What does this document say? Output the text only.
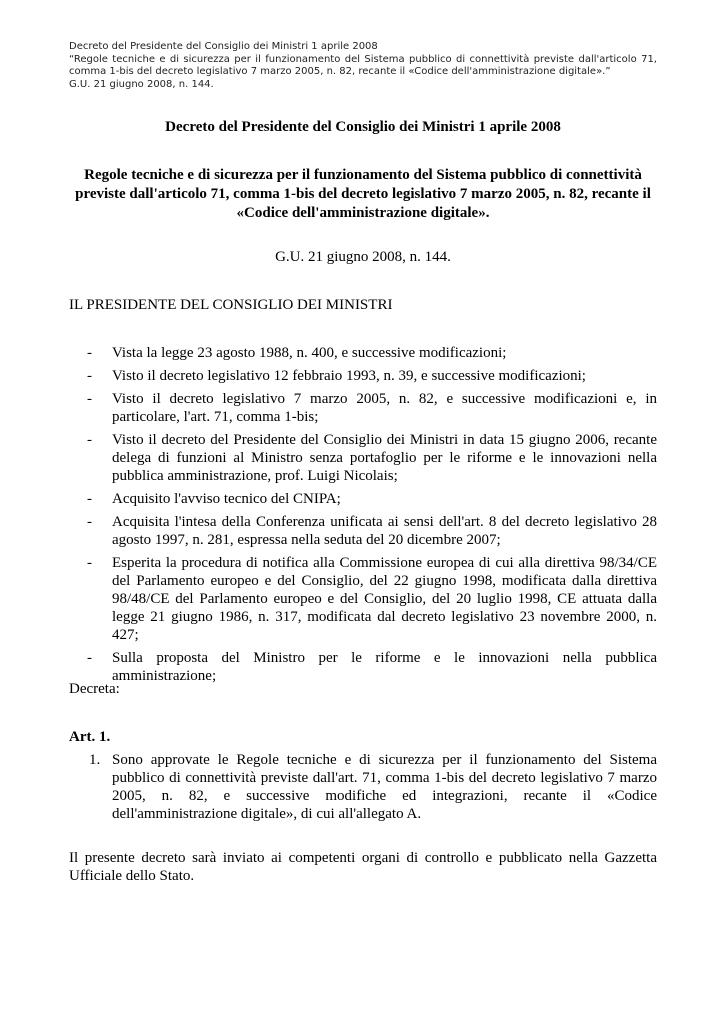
Decreto del Presidente del Consiglio dei Ministri 1 aprile 2008

“Regole tecniche e di sicurezza per il funzionamento del Sistema pubblico di connettività previste dall'articolo 71, comma 1-bis del decreto legislativo 7 marzo 2005, n. 82, recante il «Codice dell'amministrazione digitale».”

G.U. 21 giugno 2008, n. 144.

Decreto del Presidente del Consiglio dei Ministri 1 aprile 2008
Regole tecniche e di sicurezza per il funzionamento del Sistema pubblico di connettività previste dall'articolo 71, comma 1-bis del decreto legislativo 7 marzo 2005, n. 82, recante il «Codice dell'amministrazione digitale».

G.U. 21 giugno 2008, n. 144.

IL PRESIDENTE DEL CONSIGLIO DEI MINISTRI

- Vista la legge 23 agosto 1988, n. 400, e successive modificazioni;
- Visto il decreto legislativo 12 febbraio 1993, n. 39, e successive modificazioni;
- Visto il decreto legislativo 7 marzo 2005, n. 82, e successive modificazioni e, in particolare, l'art. 71, comma 1-bis;
- Visto il decreto del Presidente del Consiglio dei Ministri in data 15 giugno 2006, recante delega di funzioni al Ministro senza portafoglio per le riforme e le innovazioni nella pubblica amministrazione, prof. Luigi Nicolais;
- Acquisito l'avviso tecnico del CNIPA;
- Acquisita l'intesa della Conferenza unificata ai sensi dell'art. 8 del decreto legislativo 28 agosto 1997, n. 281, espressa nella seduta del 20 dicembre 2007;
- Esperita la procedura di notifica alla Commissione europea di cui alla direttiva 98/34/CE del Parlamento europeo e del Consiglio, del 22 giugno 1998, modificata dalla direttiva 98/48/CE del Parlamento europeo e del Consiglio, del 20 luglio 1998, CE attuata dalla legge 21 giugno 1986, n. 317, modificata dal decreto legislativo 23 novembre 2000, n. 427;
- Sulla proposta del Ministro per le riforme e le innovazioni nella pubblica amministrazione;

Decreta:

Art. 1.

1. Sono approvate le Regole tecniche e di sicurezza per il funzionamento del Sistema pubblico di connettività previste dall'art. 71, comma 1-bis del decreto legislativo 7 marzo 2005, n. 82, e successive modifiche ed integrazioni, recante il «Codice dell'amministrazione digitale», di cui all'allegato A.

Il presente decreto sarà inviato ai competenti organi di controllo e pubblicato nella Gazzetta Ufficiale dello Stato.
